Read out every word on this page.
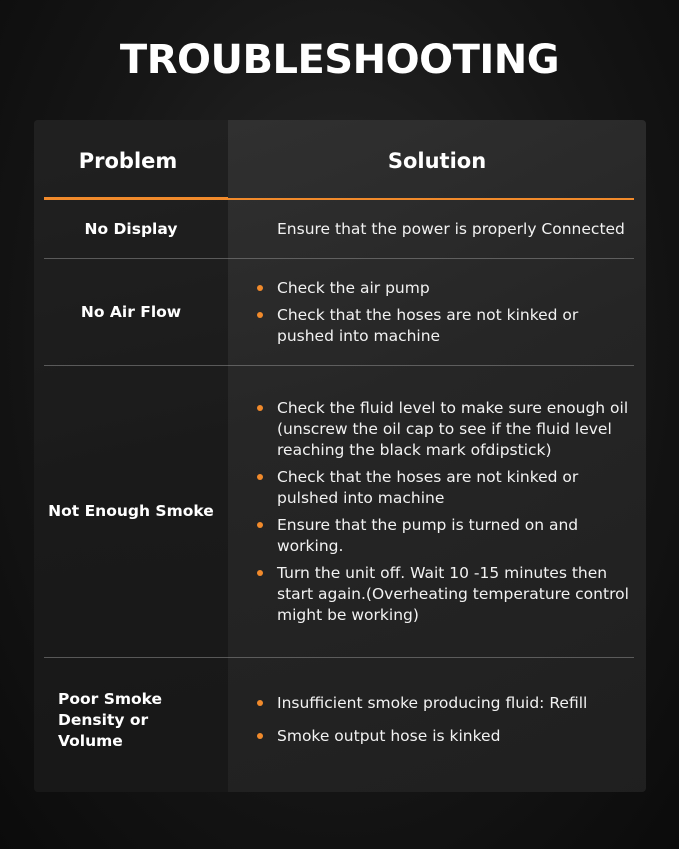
TROUBLESHOOTING
Problem	Solution
No Display	Ensure that the power is properly Connected
No Air Flow
Check the air pump
Check that the hoses are not kinked or pushed into machine
Not Enough Smoke
Check the fluid level to make sure enough oil (unscrew the oil cap to see if the fluid level reaching the black mark ofdipstick)
Check that the hoses are not kinked or pulshed into machine
Ensure that the pump is turned on and working.
Turn the unit off. Wait 10 -15 minutes then start again.(Overheating temperature control might be working)
Poor Smoke Density or Volume
Insufficient smoke producing fluid: Refill
Smoke output hose is kinked
